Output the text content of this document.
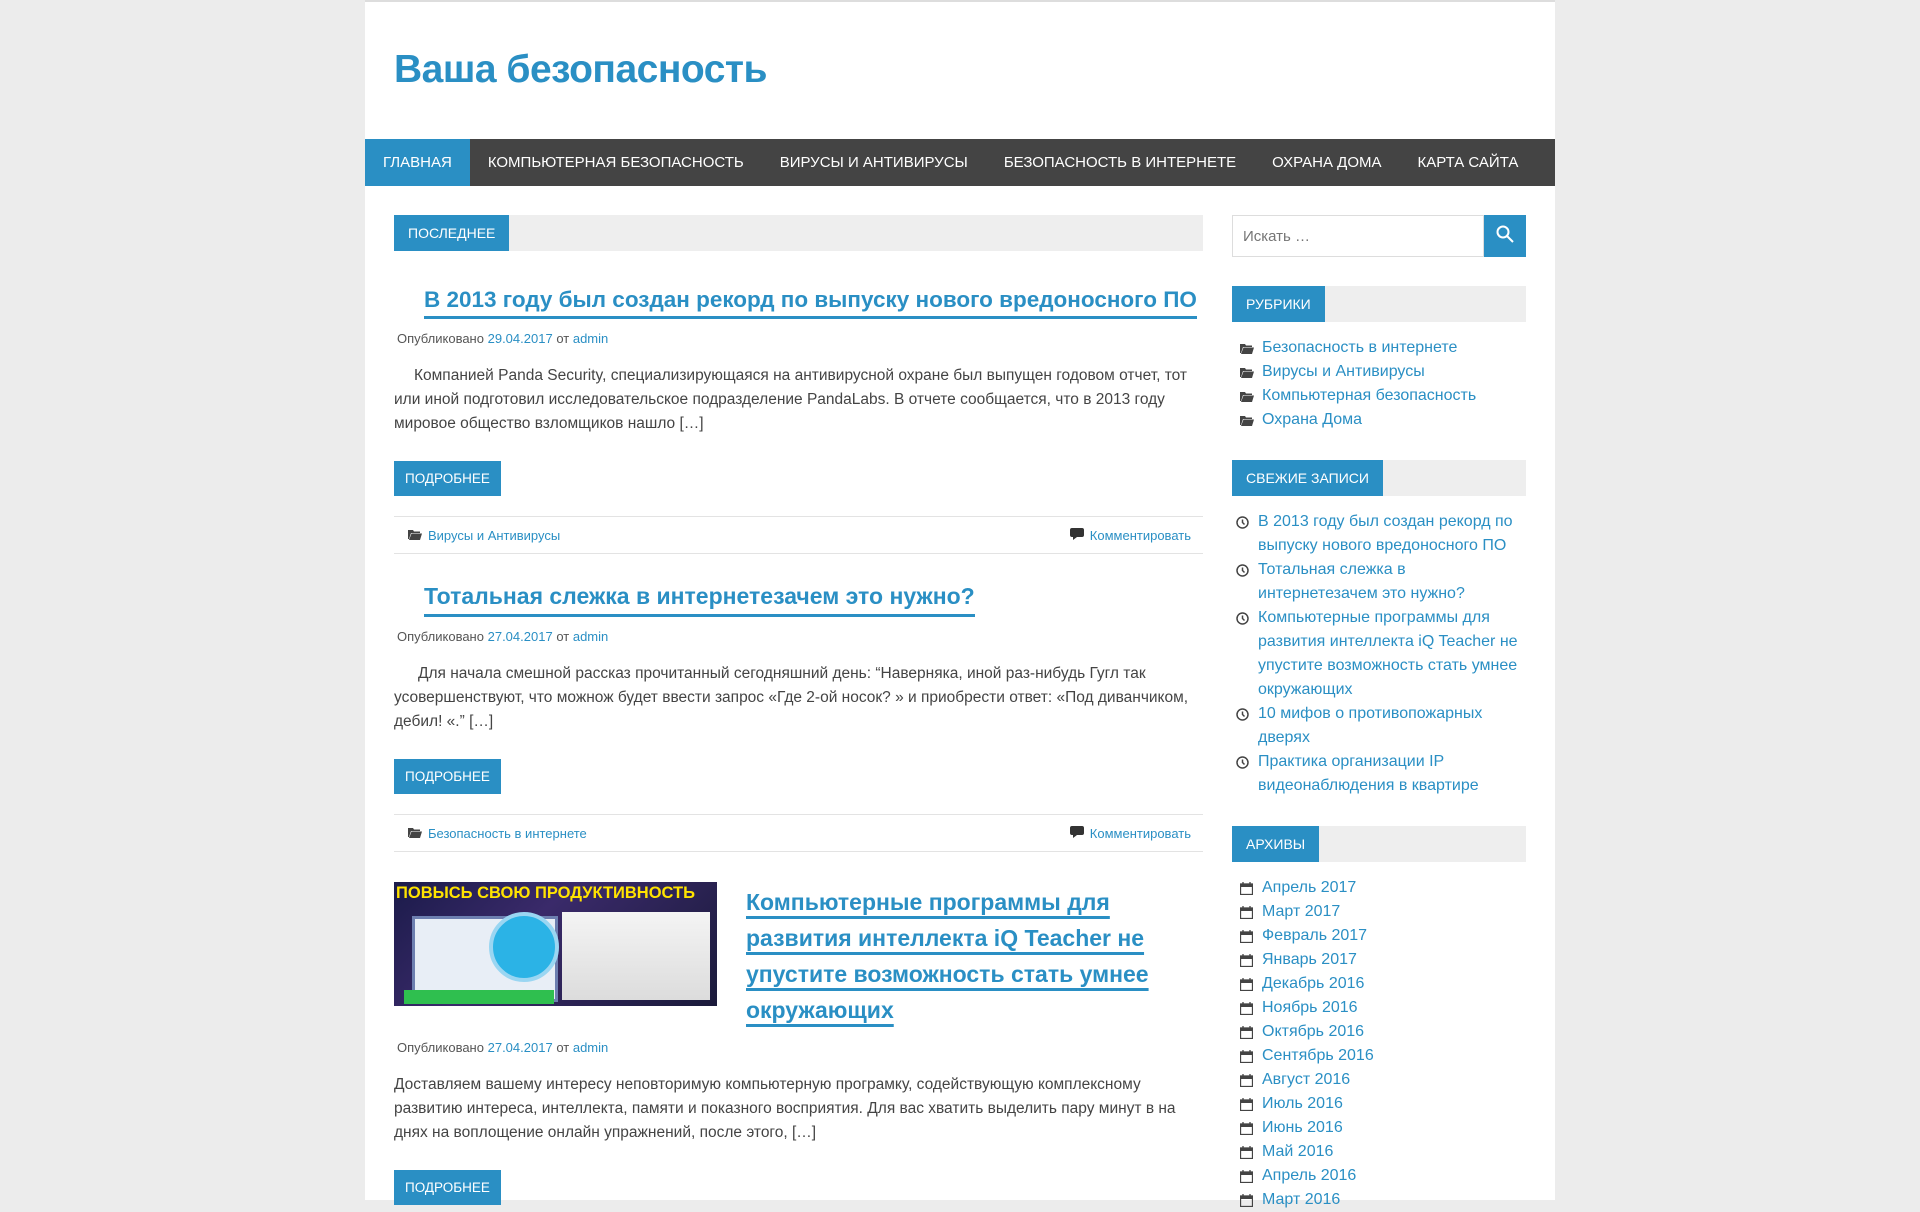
Ваша безопасность
ГЛАВНАЯ	КОМПЬЮТЕРНАЯ БЕЗОПАСНОСТЬ	ВИРУСЫ И АНТИВИРУСЫ	БЕЗОПАСНОСТЬ В ИНТЕРНЕТЕ	ОХРАНА ДОМА	КАРТА САЙТА
ПОСЛЕДНЕЕ
В 2013 году был создан рекорд по выпуску нового вредоносного ПО
Опубликовано 29.04.2017 от admin

Компанией Panda Security, специализирующаяся на антивирусной охране был выпущен годовом отчет, тот или иной подготовил исследовательское подразделение PandaLabs. В отчете сообщается, что в 2013 году мировое общество взломщиков нашло […]

ПОДРОБНЕЕ
Вирусы и Антивирусы	Комментировать
Тотальная слежка в интернетезачем это нужно?
Опубликовано 27.04.2017 от admin

Для начала смешной рассказ прочитанный сегодняшний день: “Наверняка, иной раз-нибудь Гугл так усовершенствуют, что можнож будет ввести запрос «Где 2-ой носок? » и приобрести ответ: «Под диванчиком, дебил! «.” […]

ПОДРОБНЕЕ
Безопасность в интернете	Комментировать
ПОВЫСЬ СВОЮ ПРОДУКТИВНОСТЬ Компьютерные программы для развития интеллекта iQ Teacher не упустите возможность стать умнее окружающих
Опубликовано 27.04.2017 от admin

Доставляем вашему интересу неповторимую компьютерную програмку, содействующую комплексному развитию интереса, интеллекта, памяти и показного восприятия. Для вас хватить выделить пару минут в на днях на воплощение онлайн упражнений, после этого, […]

ПОДРОБНЕЕ
Искать …
РУБРИКИ
Безопасность в интернете
Вирусы и Антивирусы
Компьютерная безопасность
Охрана Дома
СВЕЖИЕ ЗАПИСИ
В 2013 году был создан рекорд по выпуску нового вредоносного ПО
Тотальная слежка в интернетезачем это нужно?
Компьютерные программы для развития интеллекта iQ Teacher не упустите возможность стать умнее окружающих
10 мифов о противопожарных дверях
Практика организации IP видеонаблюдения в квартире
АРХИВЫ
Апрель 2017
Март 2017
Февраль 2017
Январь 2017
Декабрь 2016
Ноябрь 2016
Октябрь 2016
Сентябрь 2016
Август 2016
Июль 2016
Июнь 2016
Май 2016
Апрель 2016
Март 2016
